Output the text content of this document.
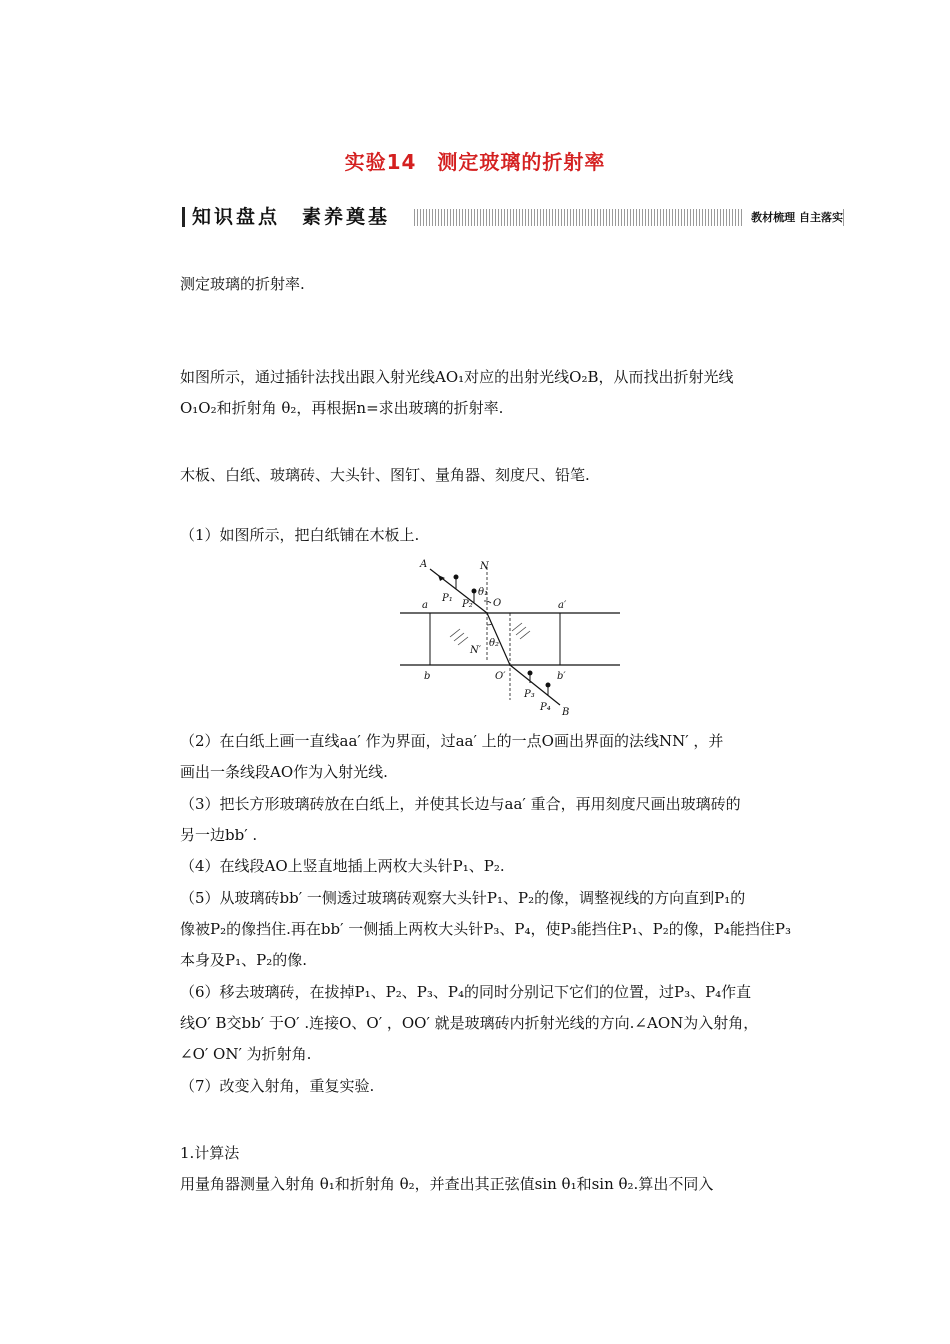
实验14　测定玻璃的折射率
知识盘点　素养奠基	教材梳理 自主落实

测定玻璃的折射率.

如图所示，通过插针法找出跟入射光线AO₁对应的出射光线O₂B，从而找出折射光线

O₁O₂和折射角 θ₂，再根据n=求出玻璃的折射率.

木板、白纸、玻璃砖、大头针、图钉、量角器、刻度尺、铅笔.

（1）如图所示，把白纸铺在木板上.

A	N
P₁
P₂
θ₁
O
a	a′
N′
θ₂
O′
b	b′
P₃
P₄ B

（2）在白纸上画一直线aa′ 作为界面，过aa′ 上的一点O画出界面的法线NN′ ，并

画出一条线段AO作为入射光线.

（3）把长方形玻璃砖放在白纸上，并使其长边与aa′ 重合，再用刻度尺画出玻璃砖的

另一边bb′ .

（4）在线段AO上竖直地插上两枚大头针P₁、P₂.

（5）从玻璃砖bb′ 一侧透过玻璃砖观察大头针P₁、P₂的像，调整视线的方向直到P₁的

像被P₂的像挡住.再在bb′ 一侧插上两枚大头针P₃、P₄，使P₃能挡住P₁、P₂的像，P₄能挡住P₃

本身及P₁、P₂的像.

（6）移去玻璃砖，在拔掉P₁、P₂、P₃、P₄的同时分别记下它们的位置，过P₃、P₄作直

线O′ B交bb′ 于O′ .连接O、O′ ，OO′ 就是玻璃砖内折射光线的方向.∠AON为入射角，

∠O′ ON′ 为折射角.

（7）改变入射角，重复实验.

1.计算法

用量角器测量入射角 θ₁和折射角 θ₂，并查出其正弦值sin θ₁和sin θ₂.算出不同入
